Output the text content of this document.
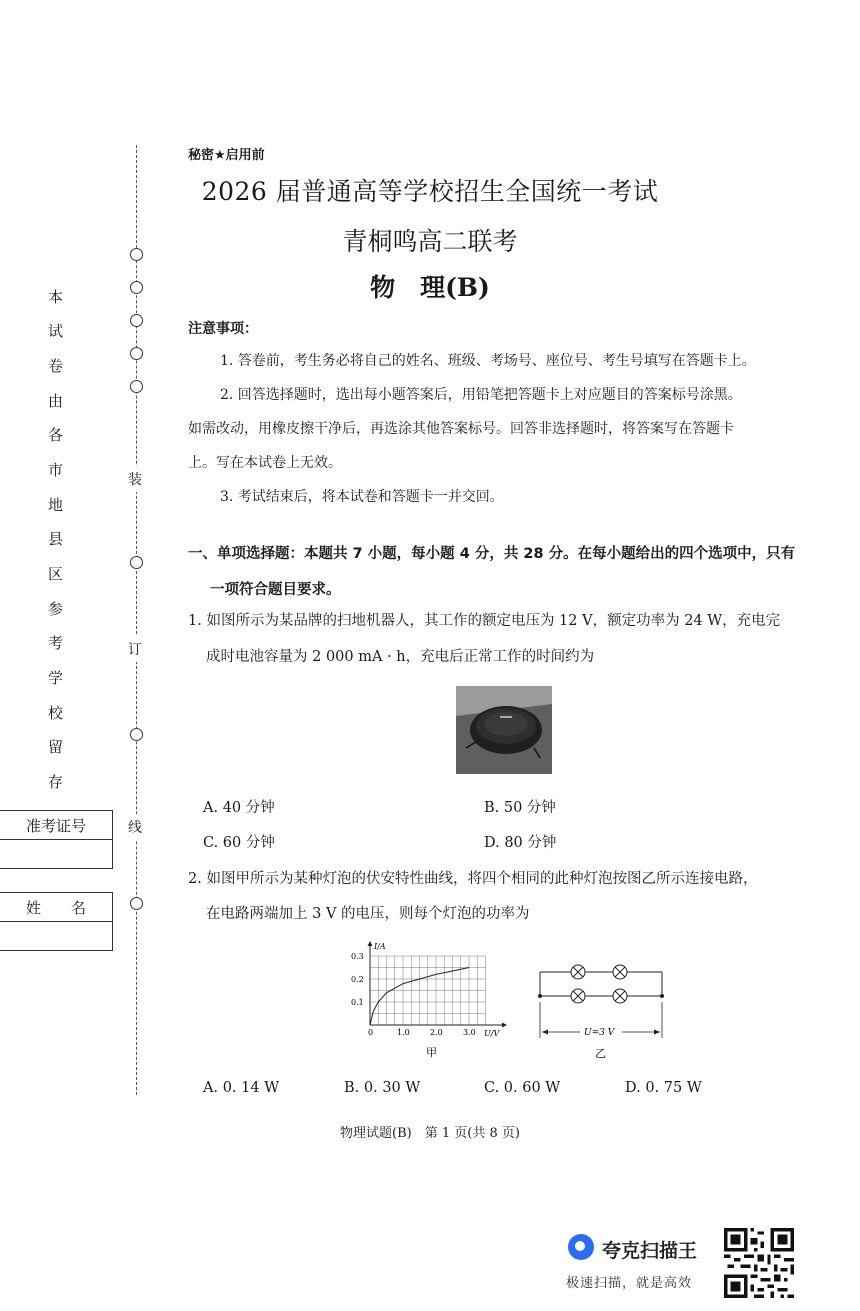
装
订
线
本
试
卷
由
各
市
地
县
区
参
考
学
校
留
存
准考证号
姓　　名
秘密★启用前
2026 届普通高等学校招生全国统一考试
青桐鸣高二联考
物　理(B)
注意事项：
1. 答卷前，考生务必将自己的姓名、班级、考场号、座位号、考生号填写在答题卡上。
2. 回答选择题时，选出每小题答案后，用铅笔把答题卡上对应题目的答案标号涂黑。
如需改动，用橡皮擦干净后，再选涂其他答案标号。回答非选择题时，将答案写在答题卡
上。写在本试卷上无效。
3. 考试结束后，将本试卷和答题卡一并交回。
一、单项选择题：本题共 7 小题，每小题 4 分，共 28 分。在每小题给出的四个选项中，只有
一项符合题目要求。
1. 如图所示为某品牌的扫地机器人，其工作的额定电压为 12 V，额定功率为 24 W，充电完
成时电池容量为 2 000 mA · h，充电后正常工作的时间约为
A. 40 分钟	B. 50 分钟
C. 60 分钟	D. 80 分钟
2. 如图甲所示为某种灯泡的伏安特性曲线，将四个相同的此种灯泡按图乙所示连接电路，
在电路两端加上 3 V 的电压，则每个灯泡的功率为
I/A
U/V
0	1.0	2.0	3.0
0.1
0.2
0.3
甲
U=3 V
乙
A. 0. 14 W	B. 0. 30 W	C. 0. 60 W	D. 0. 75 W
物理试题(B)　第 1 页(共 8 页)
夸克扫描王
极速扫描，就是高效
